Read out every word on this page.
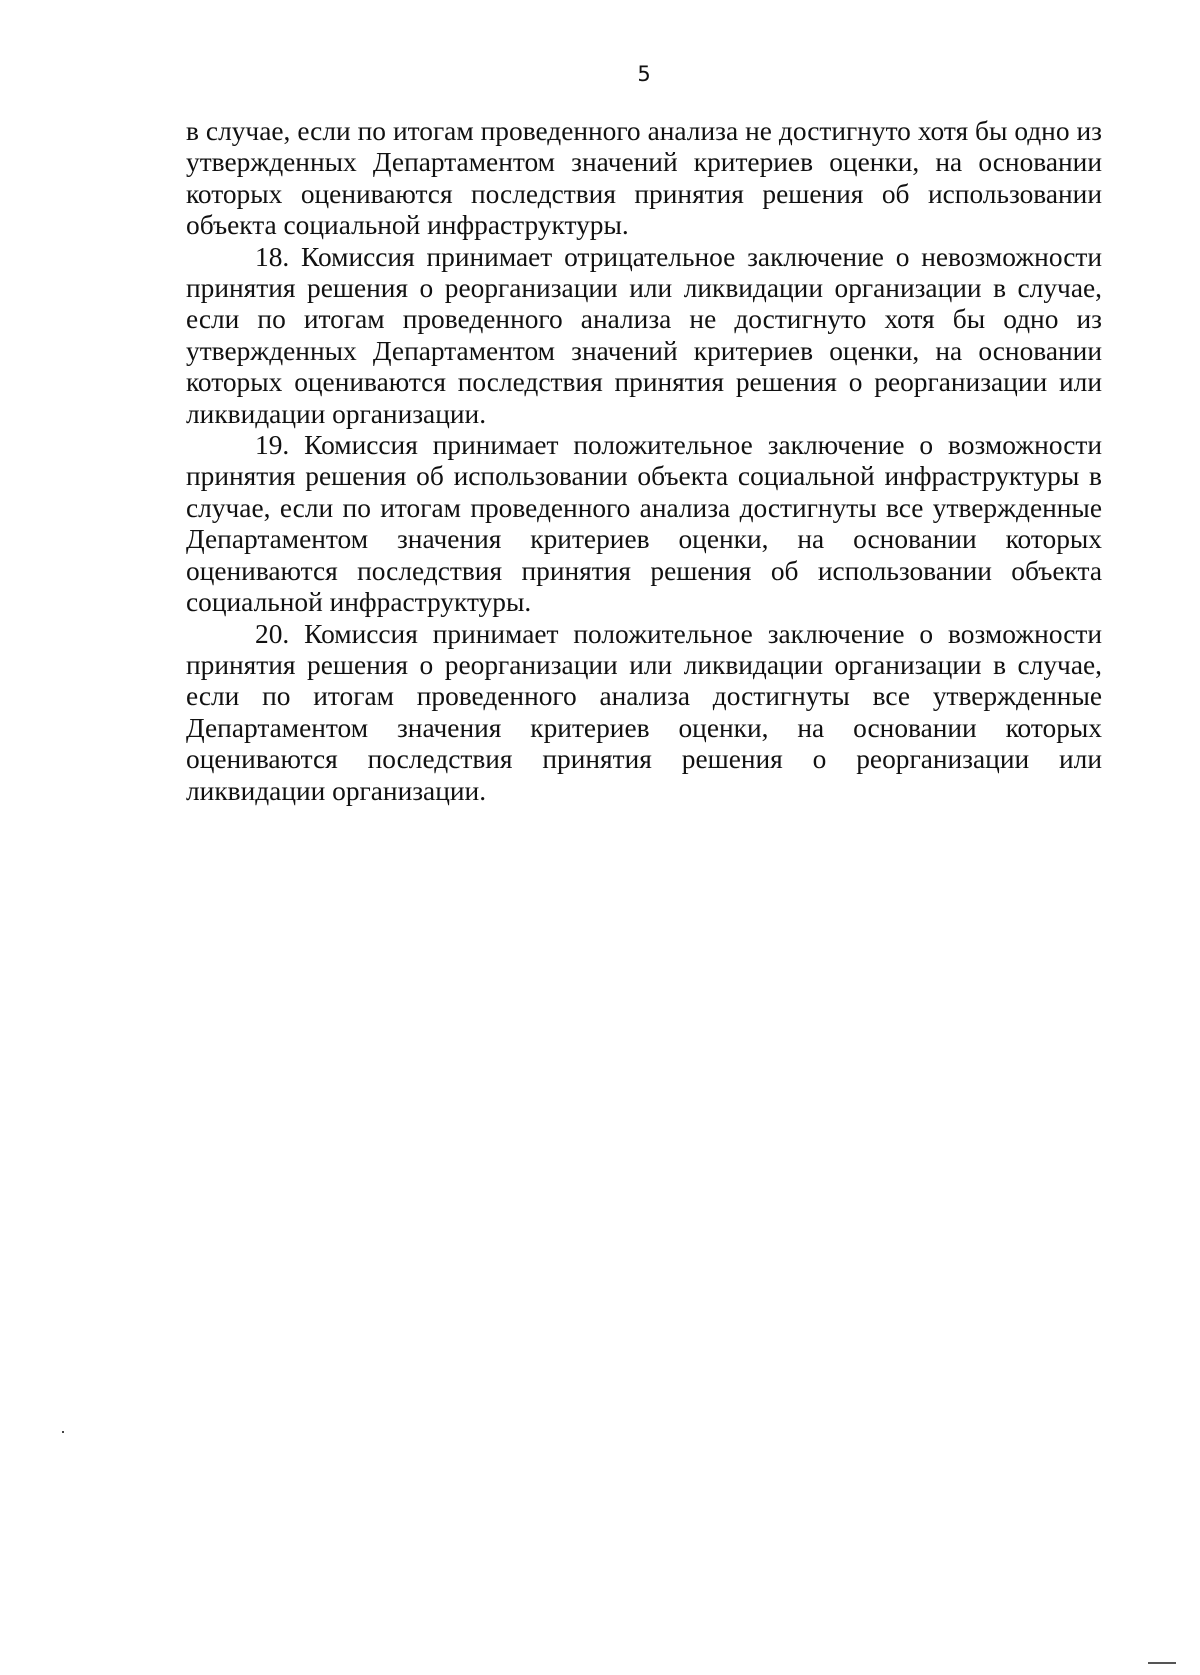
5

в случае, если по итогам проведенного анализа не достигнуто хотя бы одно из утвержденных Департаментом значений критериев оценки, на основании которых оцениваются последствия принятия решения об использовании объекта социальной инфраструктуры.

18. Комиссия принимает отрицательное заключение о невозможности принятия решения о реорганизации или ликвидации организации в случае, если по итогам проведенного анализа не достигнуто хотя бы одно из утвержденных Департаментом значений критериев оценки, на основании которых оцениваются последствия принятия решения о реорганизации или ликвидации организации.

19. Комиссия принимает положительное заключение о возможности принятия решения об использовании объекта социальной инфраструктуры в случае, если по итогам проведенного анализа достигнуты все утвержденные Департаментом значения критериев оценки, на основании которых оцениваются последствия принятия решения об использовании объекта социальной инфраструктуры.

20. Комиссия принимает положительное заключение о возможности принятия решения о реорганизации или ликвидации организации в случае, если по итогам проведенного анализа достигнуты все утвержденные Департаментом значения критериев оценки, на основании которых оцениваются последствия принятия решения о реорганизации или ликвидации организации.
